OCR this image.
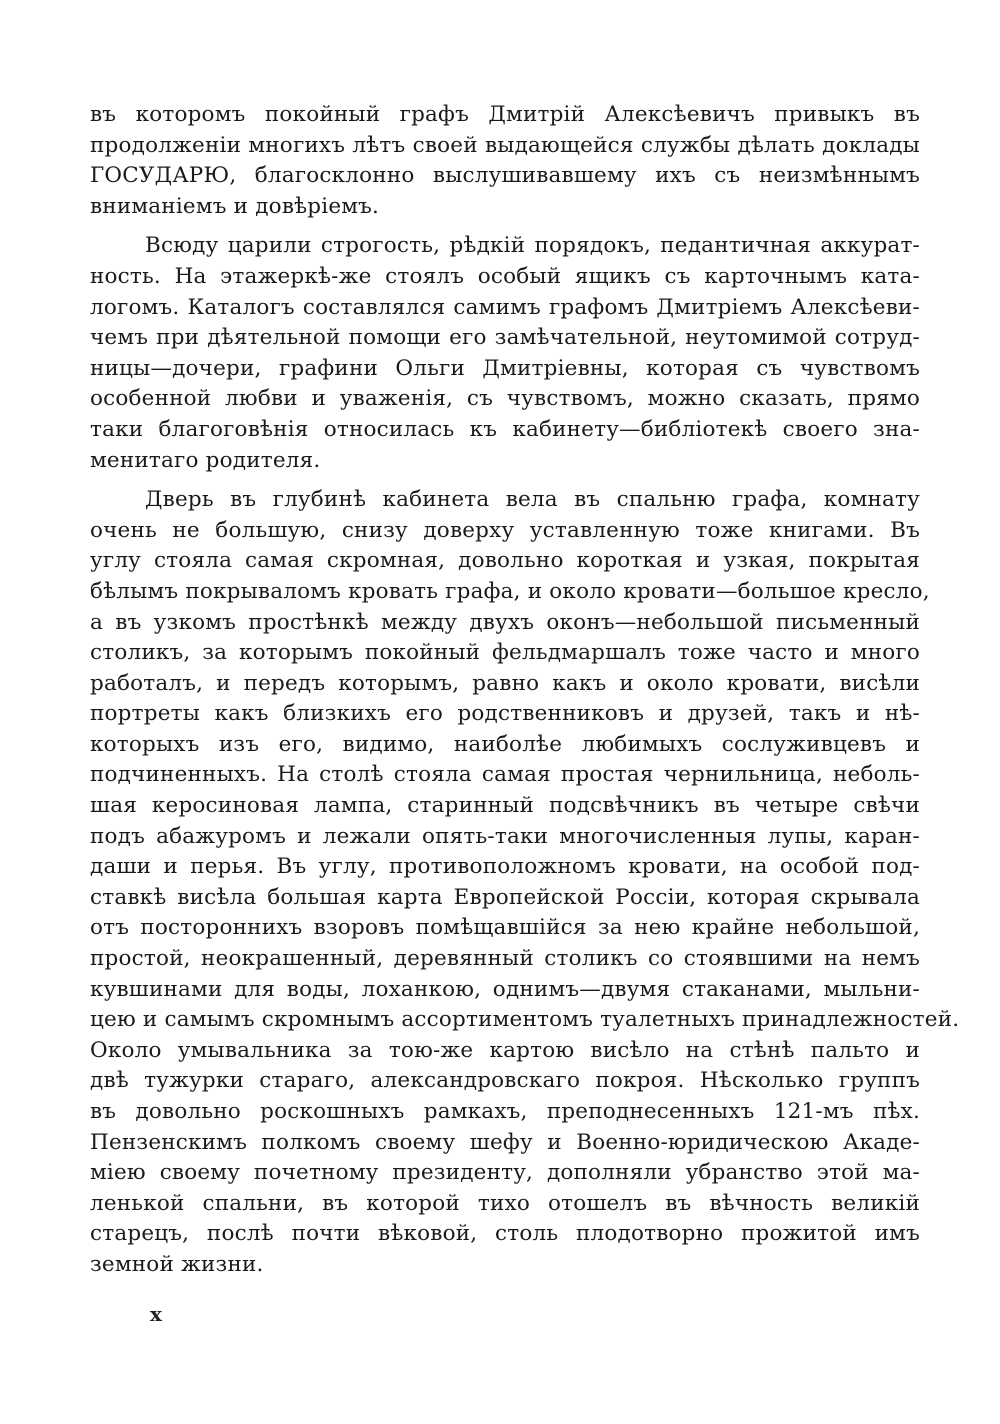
въ которомъ покойный графъ Дмитрій Алексѣевичъ привыкъ въ
продолженіи многихъ лѣтъ своей выдающейся службы дѣлать доклады
ГОСУДАРЮ, благосклонно выслушивавшему ихъ съ неизмѣннымъ
вниманіемъ и довѣріемъ.

Всюду царили строгость, рѣдкій порядокъ, педантичная аккурат-
ность. На этажеркѣ-же стоялъ особый ящикъ съ карточнымъ ката-
логомъ. Каталогъ составлялся самимъ графомъ Дмитріемъ Алексѣеви-
чемъ при дѣятельной помощи его замѣчательной, неутомимой сотруд-
ницы—дочери, графини Ольги Дмитріевны, которая съ чувствомъ
особенной любви и уваженія, съ чувствомъ, можно сказать, прямо
таки благоговѣнія относилась къ кабинету—библіотекѣ своего зна-
менитаго родителя.

Дверь въ глубинѣ кабинета вела въ спальню графа, комнату
очень не большую, снизу доверху уставленную тоже книгами. Въ
углу стояла самая скромная, довольно короткая и узкая, покрытая
бѣлымъ покрываломъ кровать графа, и около кровати—большое кресло,
а въ узкомъ простѣнкѣ между двухъ оконъ—небольшой письменный
столикъ, за которымъ покойный фельдмаршалъ тоже часто и много
работалъ, и передъ которымъ, равно какъ и около кровати, висѣли
портреты какъ близкихъ его родственниковъ и друзей, такъ и нѣ-
которыхъ изъ его, видимо, наиболѣе любимыхъ сослуживцевъ и
подчиненныхъ. На столѣ стояла самая простая чернильница, неболь-
шая керосиновая лампа, старинный подсвѣчникъ въ четыре свѣчи
подъ абажуромъ и лежали опять-таки многочисленныя лупы, каран-
даши и перья. Въ углу, противоположномъ кровати, на особой под-
ставкѣ висѣла большая карта Европейской Россіи, которая скрывала
отъ постороннихъ взоровъ помѣщавшійся за нею крайне небольшой,
простой, неокрашенный, деревянный столикъ со стоявшими на немъ
кувшинами для воды, лоханкою, однимъ—двумя стаканами, мыльни-
цею и самымъ скромнымъ ассортиментомъ туалетныхъ принадлежностей.
Около умывальника за тою-же картою висѣло на стѣнѣ пальто и
двѣ тужурки стараго, александровскаго покроя. Нѣсколько группъ
въ довольно роскошныхъ рамкахъ, преподнесенныхъ 121-мъ пѣх.
Пензенскимъ полкомъ своему шефу и Военно-юридическою Акаде-
міею своему почетному президенту, дополняли убранство этой ма-
ленькой спальни, въ которой тихо отошелъ въ вѣчность великій
старецъ, послѣ почти вѣковой, столь плодотворно прожитой имъ
земной жизни.

x
